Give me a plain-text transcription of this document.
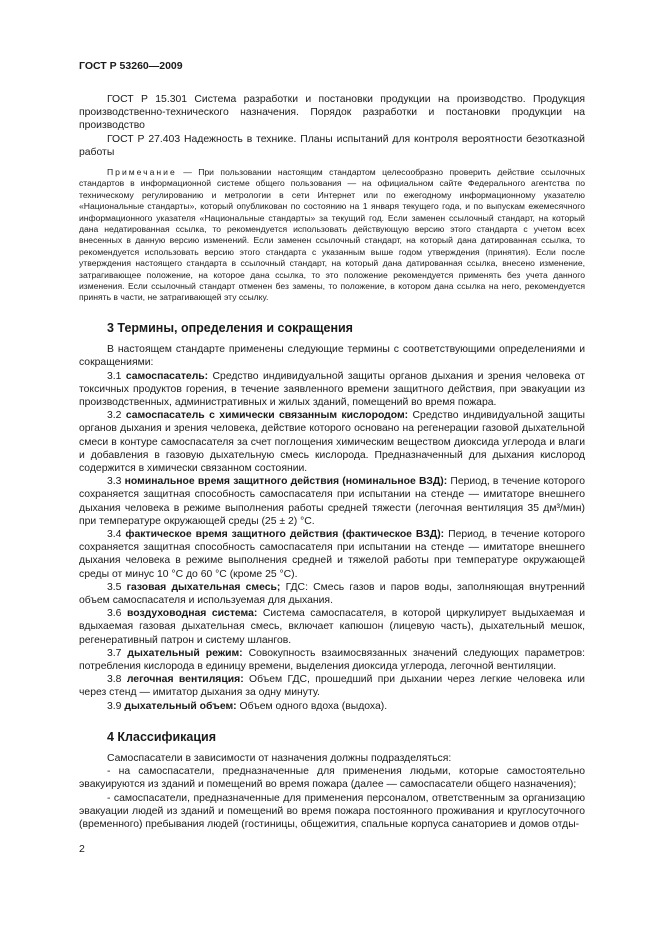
ГОСТ Р 53260—2009

ГОСТ Р 15.301 Система разработки и постановки продукции на производство. Продукция производственно-технического назначения. Порядок разработки и постановки продукции на производство

ГОСТ Р 27.403 Надежность в технике. Планы испытаний для контроля вероятности безотказной работы

Примечание — При пользовании настоящим стандартом целесообразно проверить действие ссылочных стандартов в информационной системе общего пользования — на официальном сайте Федерального агентства по техническому регулированию и метрологии в сети Интернет или по ежегодному информационному указателю «Национальные стандарты», который опубликован по состоянию на 1 января текущего года, и по выпускам ежемесячного информационного указателя «Национальные стандарты» за текущий год. Если заменен ссылочный стандарт, на который дана недатированная ссылка, то рекомендуется использовать действующую версию этого стандарта с учетом всех внесенных в данную версию изменений. Если заменен ссылочный стандарт, на который дана датированная ссылка, то рекомендуется использовать версию этого стандарта с указанным выше годом утверждения (принятия). Если после утверждения настоящего стандарта в ссылочный стандарт, на который дана датированная ссылка, внесено изменение, затрагивающее положение, на которое дана ссылка, то это положение рекомендуется применять без учета данного изменения. Если ссылочный стандарт отменен без замены, то положение, в котором дана ссылка на него, рекомендуется принять в части, не затрагивающей эту ссылку.

3 Термины, определения и сокращения

В настоящем стандарте применены следующие термины с соответствующими определениями и сокращениями:

3.1 самоспасатель: Средство индивидуальной защиты органов дыхания и зрения человека от токсичных продуктов горения, в течение заявленного времени защитного действия, при эвакуации из производственных, административных и жилых зданий, помещений во время пожара.

3.2 самоспасатель с химически связанным кислородом: Средство индивидуальной защиты органов дыхания и зрения человека, действие которого основано на регенерации газовой дыхательной смеси в контуре самоспасателя за счет поглощения химическим веществом диоксида углерода и влаги и добавления в газовую дыхательную смесь кислорода. Предназначенный для дыхания кислород содержится в химически связанном состоянии.

3.3 номинальное время защитного действия (номинальное ВЗД): Период, в течение которого сохраняется защитная способность самоспасателя при испытании на стенде — имитаторе внешнего дыхания человека в режиме выполнения работы средней тяжести (легочная вентиляция 35 дм³/мин) при температуре окружающей среды (25 ± 2) °С.

3.4 фактическое время защитного действия (фактическое ВЗД): Период, в течение которого сохраняется защитная способность самоспасателя при испытании на стенде — имитаторе внешнего дыхания человека в режиме выполнения средней и тяжелой работы при температуре окружающей среды от минус 10 °С до 60 °С (кроме 25 °С).

3.5 газовая дыхательная смесь; ГДС: Смесь газов и паров воды, заполняющая внутренний объем самоспасателя и используемая для дыхания.

3.6 воздуховодная система: Система самоспасателя, в которой циркулирует выдыхаемая и вдыхаемая газовая дыхательная смесь, включает капюшон (лицевую часть), дыхательный мешок, регенеративный патрон и систему шлангов.

3.7 дыхательный режим: Совокупность взаимосвязанных значений следующих параметров: потребления кислорода в единицу времени, выделения диоксида углерода, легочной вентиляции.

3.8 легочная вентиляция: Объем ГДС, прошедший при дыхании через легкие человека или через стенд — имитатор дыхания за одну минуту.

3.9 дыхательный объем: Объем одного вдоха (выдоха).

4 Классификация

Самоспасатели в зависимости от назначения должны подразделяться:

- на самоспасатели, предназначенные для применения людьми, которые самостоятельно эвакуируются из зданий и помещений во время пожара (далее — самоспасатели общего назначения);

- самоспасатели, предназначенные для применения персоналом, ответственным за организацию эвакуации людей из зданий и помещений во время пожара постоянного проживания и круглосуточного (временного) пребывания людей (гостиницы, общежития, спальные корпуса санаториев и домов отды-

2
